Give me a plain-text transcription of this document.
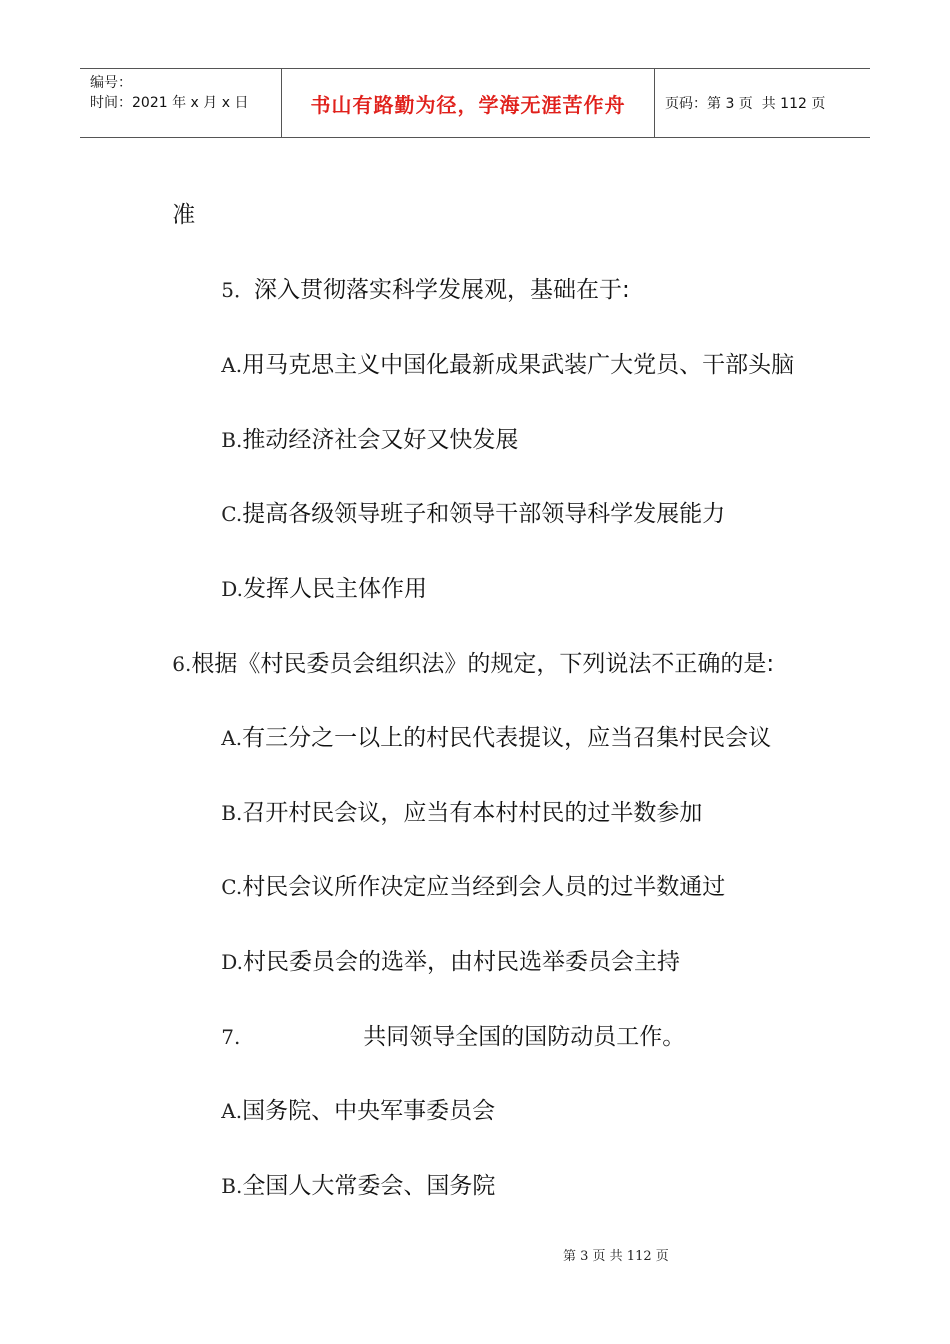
编号：
时间：2021 年 x 月 x 日	书山有路勤为径，学海无涯苦作舟	页码：第 3 页  共 112 页

准

5．深入贯彻落实科学发展观，基础在于:

A.用马克思主义中国化最新成果武装广大党员、干部头脑

B.推动经济社会又好又快发展

C.提高各级领导班子和领导干部领导科学发展能力

D.发挥人民主体作用

6.根据《村民委员会组织法》的规定，下列说法不正确的是:

A.有三分之一以上的村民代表提议，应当召集村民会议

B.召开村民会议，应当有本村村民的过半数参加

C.村民会议所作决定应当经到会人员的过半数通过

D.村民委员会的选举，由村民选举委员会主持

7.
	共同领导全国的国防动员工作。

A.国务院、中央军事委员会

B.全国人大常委会、国务院

第 3 页 共 112 页
